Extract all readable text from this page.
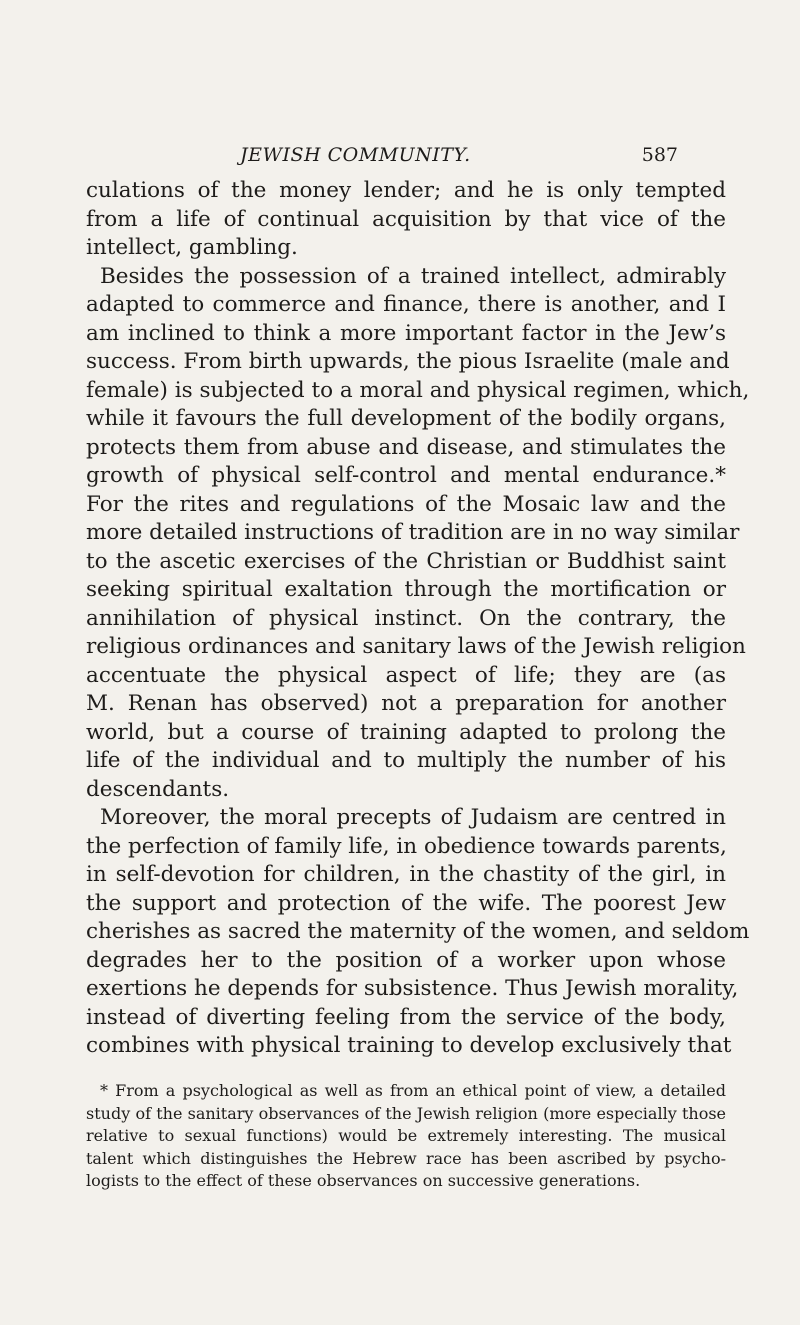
JEWISH COMMUNITY.	587
culations of the money lender; and he is only tempted
from a life of continual acquisition by that vice of the
intellect, gambling.
Besides the possession of a trained intellect, admirably
adapted to commerce and finance, there is another, and I
am inclined to think a more important factor in the Jew’s
success. From birth upwards, the pious Israelite (male and
female) is subjected to a moral and physical regimen, which,
while it favours the full development of the bodily organs,
protects them from abuse and disease, and stimulates the
growth of physical self-control and mental endurance.*
For the rites and regulations of the Mosaic law and the
more detailed instructions of tradition are in no way similar
to the ascetic exercises of the Christian or Buddhist saint
seeking spiritual exaltation through the mortification or
annihilation of physical instinct. On the contrary, the
religious ordinances and sanitary laws of the Jewish religion
accentuate the physical aspect of life; they are (as
M. Renan has observed) not a preparation for another
world, but a course of training adapted to prolong the
life of the individual and to multiply the number of his
descendants.
Moreover, the moral precepts of Judaism are centred in
the perfection of family life, in obedience towards parents,
in self-devotion for children, in the chastity of the girl, in
the support and protection of the wife. The poorest Jew
cherishes as sacred the maternity of the women, and seldom
degrades her to the position of a worker upon whose
exertions he depends for subsistence. Thus Jewish morality,
instead of diverting feeling from the service of the body,
combines with physical training to develop exclusively that
* From a psychological as well as from an ethical point of view, a detailed
study of the sanitary observances of the Jewish religion (more especially those
relative to sexual functions) would be extremely interesting. The musical
talent which distinguishes the Hebrew race has been ascribed by psycho-
logists to the effect of these observances on successive generations.
